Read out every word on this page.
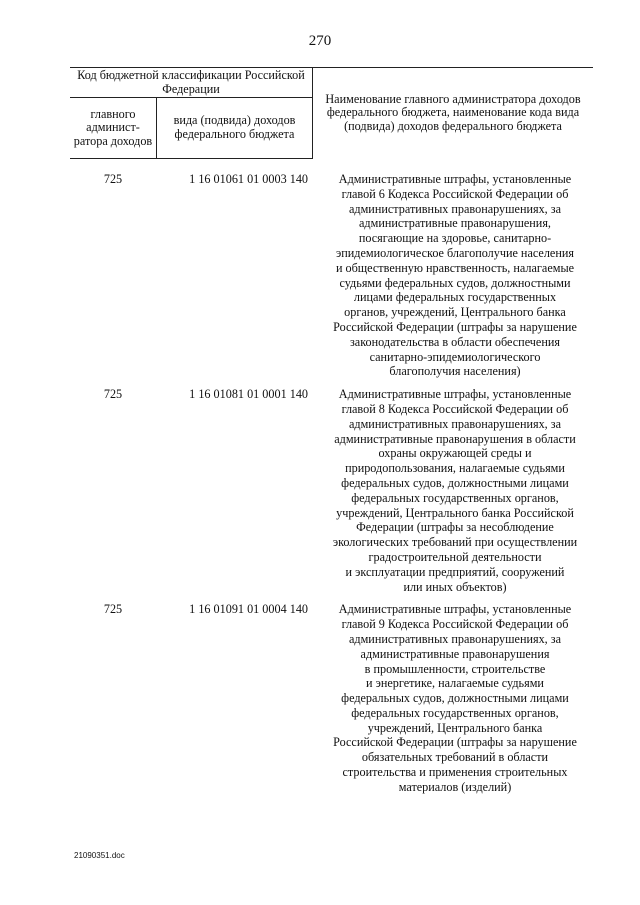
270
Код бюджетной классификации Российской Федерации		Наименование главного администратора доходов федерального бюджета, наименование кода вида (подвида) доходов федерального бюджета
главного админист-ратора доходов	вида (подвида) доходов федерального бюджета	
725	1 16 01061 01 0003 140	Административные штрафы, установленные
главой 6 Кодекса Российской Федерации об
административных правонарушениях, за
административные правонарушения,
посягающие на здоровье, санитарно-
эпидемиологическое благополучие населения
и общественную нравственность, налагаемые
судьями федеральных судов, должностными
лицами федеральных государственных
органов, учреждений, Центрального банка
Российской Федерации (штрафы за нарушение
законодательства в области обеспечения
санитарно-эпидемиологического
благополучия населения)
725	1 16 01081 01 0001 140	Административные штрафы, установленные
главой 8 Кодекса Российской Федерации об
административных правонарушениях, за
административные правонарушения в области
охраны окружающей среды и
природопользования, налагаемые судьями
федеральных судов, должностными лицами
федеральных государственных органов,
учреждений, Центрального банка Российской
Федерации (штрафы за несоблюдение
экологических требований при осуществлении
градостроительной деятельности
и эксплуатации предприятий, сооружений
или иных объектов)
725	1 16 01091 01 0004 140	Административные штрафы, установленные
главой 9 Кодекса Российской Федерации об
административных правонарушениях, за
административные правонарушения
в промышленности, строительстве
и энергетике, налагаемые судьями
федеральных судов, должностными лицами
федеральных государственных органов,
учреждений, Центрального банка
Российской Федерации (штрафы за нарушение
обязательных требований в области
строительства и применения строительных
материалов (изделий)
21090351.doc
